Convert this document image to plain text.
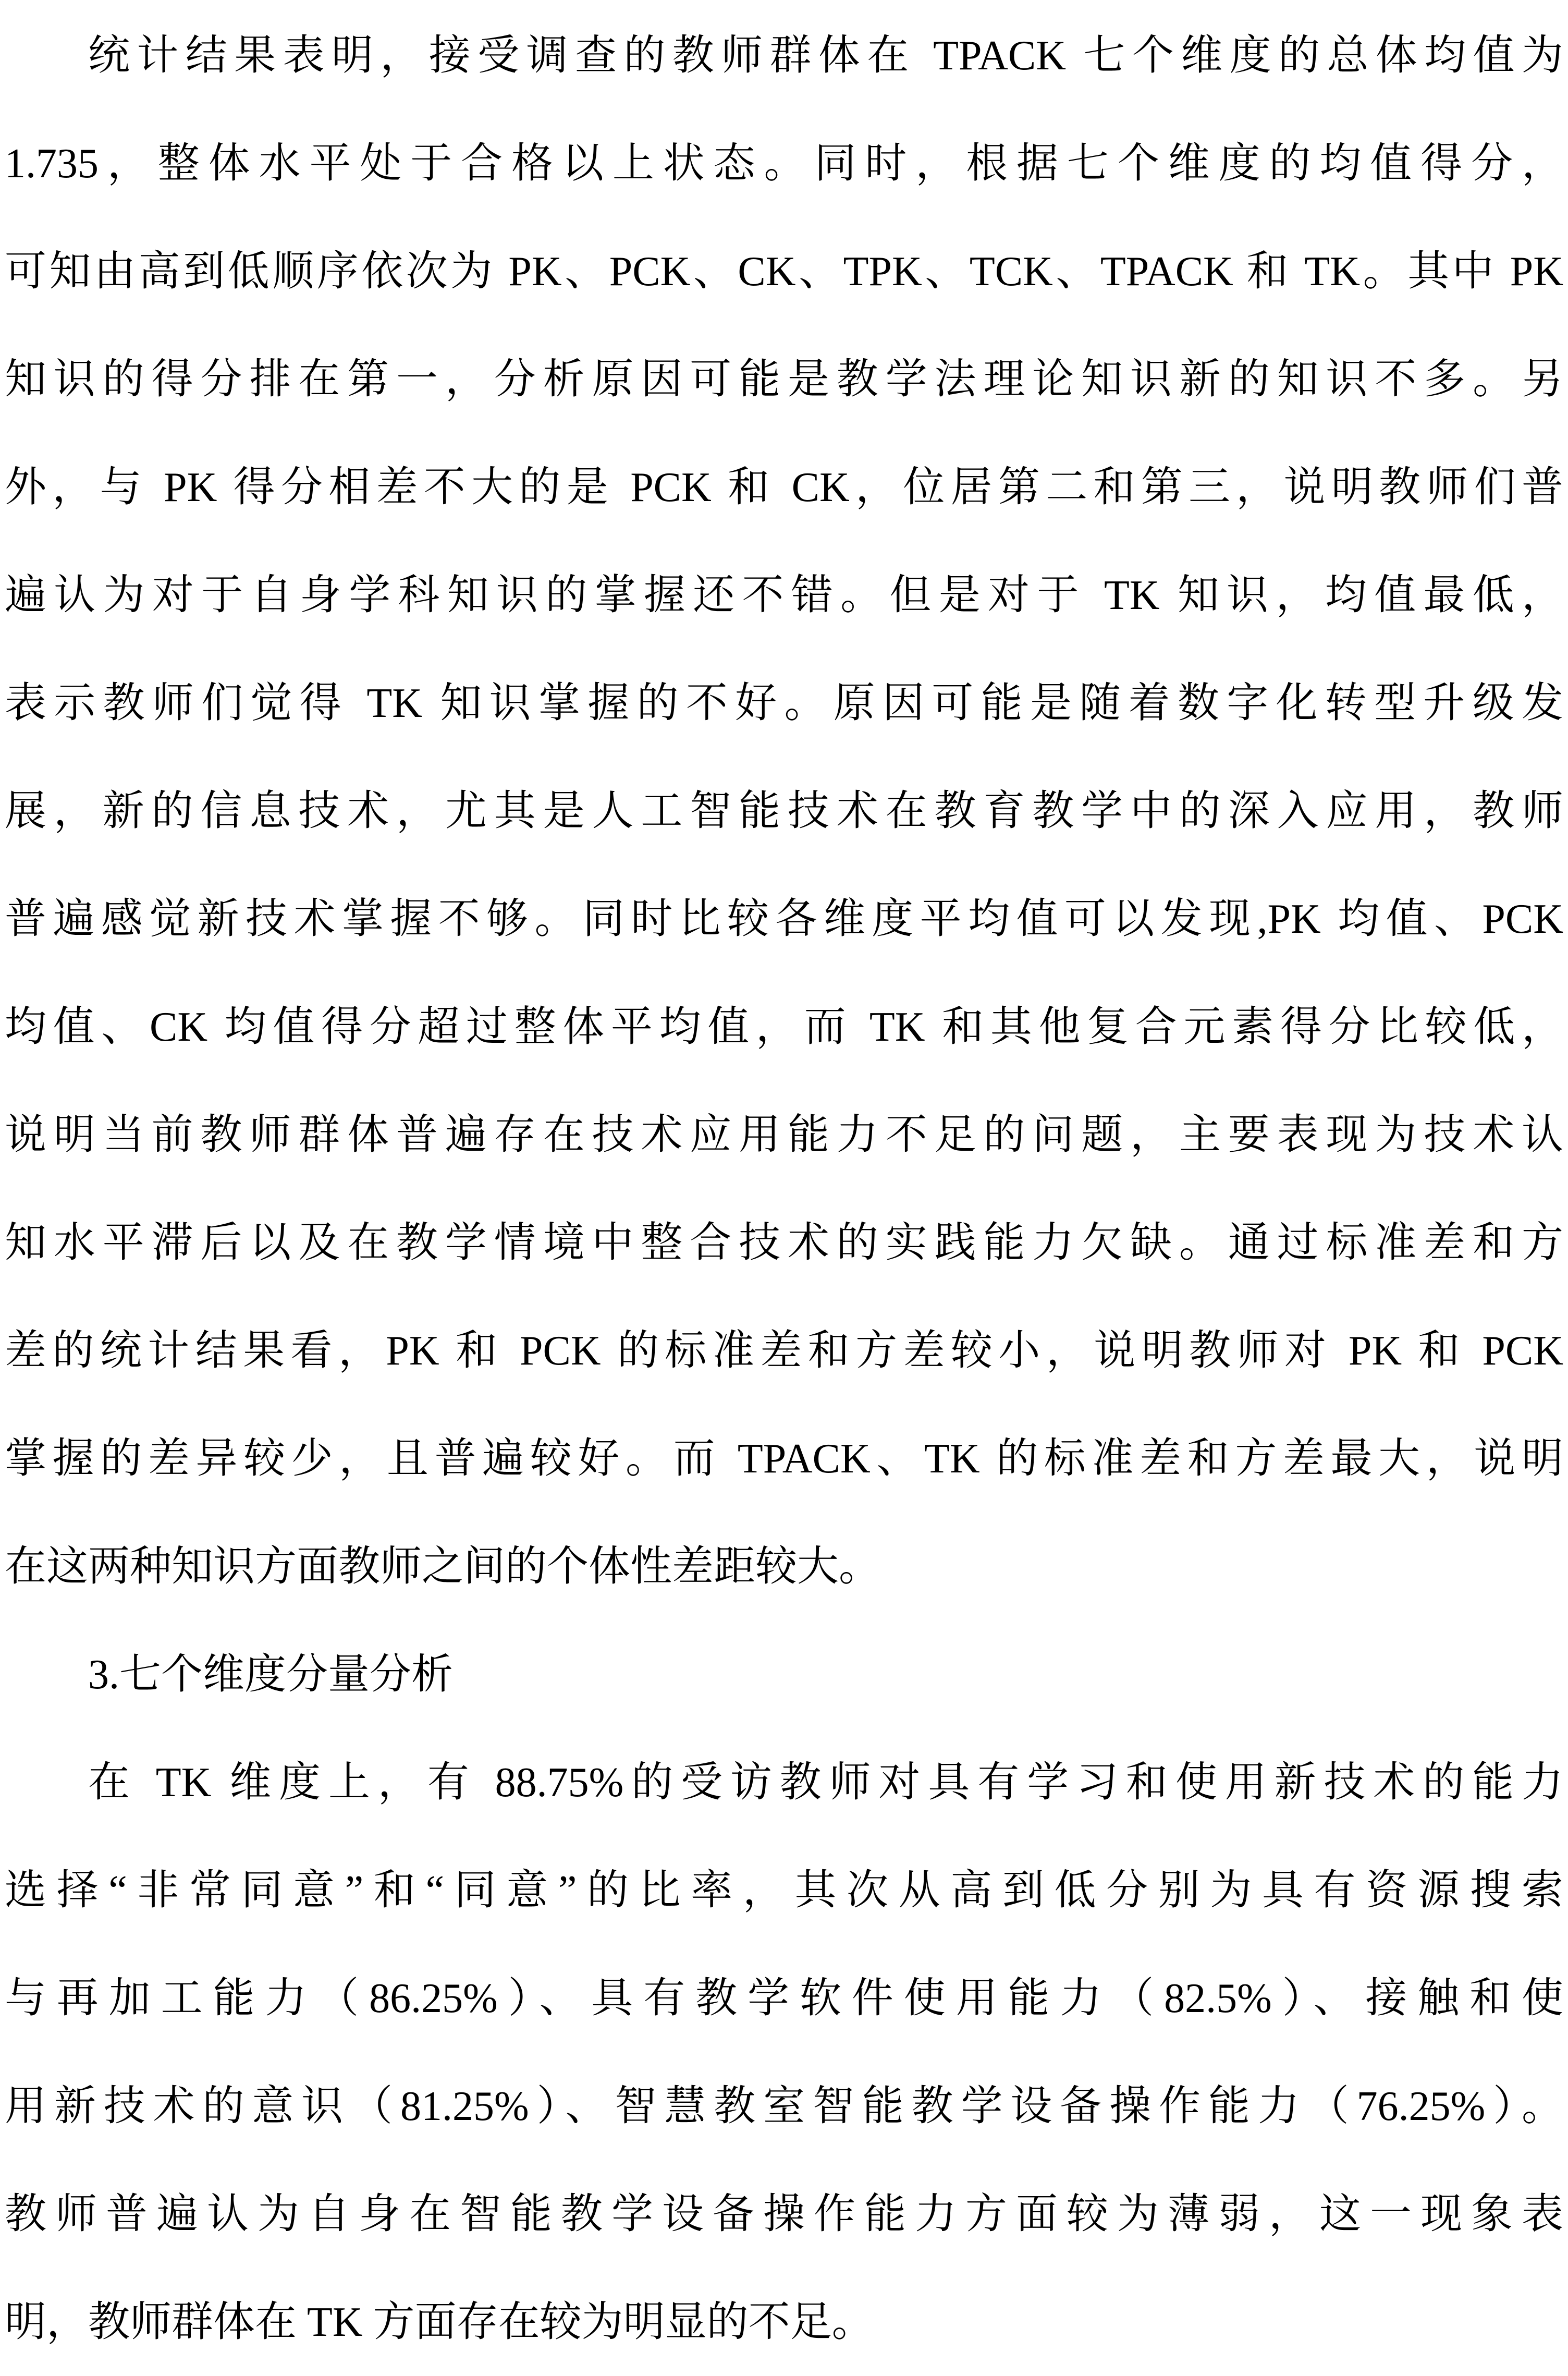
统计结果表明，接受调查的教师群体在 TPACK 七个维度的总体均值为
1.735，整体水平处于合格以上状态。同时，根据七个维度的均值得分，
可知由高到低顺序依次为 PK、PCK、CK、TPK、TCK、TPACK 和 TK。其中 PK
知识的得分排在第一，分析原因可能是教学法理论知识新的知识不多。另
外，与 PK 得分相差不大的是 PCK 和 CK，位居第二和第三，说明教师们普
遍认为对于自身学科知识的掌握还不错。但是对于 TK 知识，均值最低，
表示教师们觉得 TK 知识掌握的不好。原因可能是随着数字化转型升级发
展，新的信息技术，尤其是人工智能技术在教育教学中的深入应用，教师
普遍感觉新技术掌握不够。同时比较各维度平均值可以发现,PK 均值、PCK
均值、CK 均值得分超过整体平均值，而 TK 和其他复合元素得分比较低，
说明当前教师群体普遍存在技术应用能力不足的问题，主要表现为技术认
知水平滞后以及在教学情境中整合技术的实践能力欠缺。通过标准差和方
差的统计结果看，PK 和 PCK 的标准差和方差较小，说明教师对 PK 和 PCK
掌握的差异较少，且普遍较好。而 TPACK、TK 的标准差和方差最大，说明
在这两种知识方面教师之间的个体性差距较大。
3.七个维度分量分析
在 TK 维度上，有 88.75%的受访教师对具有学习和使用新技术的能力
选择“非常同意”和“同意”的比率，其次从高到低分别为具有资源搜索
与再加工能力（86.25%）、具有教学软件使用能力（82.5%）、接触和使
用新技术的意识（81.25%）、智慧教室智能教学设备操作能力（76.25%）。
教师普遍认为自身在智能教学设备操作能力方面较为薄弱，这一现象表
明，教师群体在 TK 方面存在较为明显的不足。
